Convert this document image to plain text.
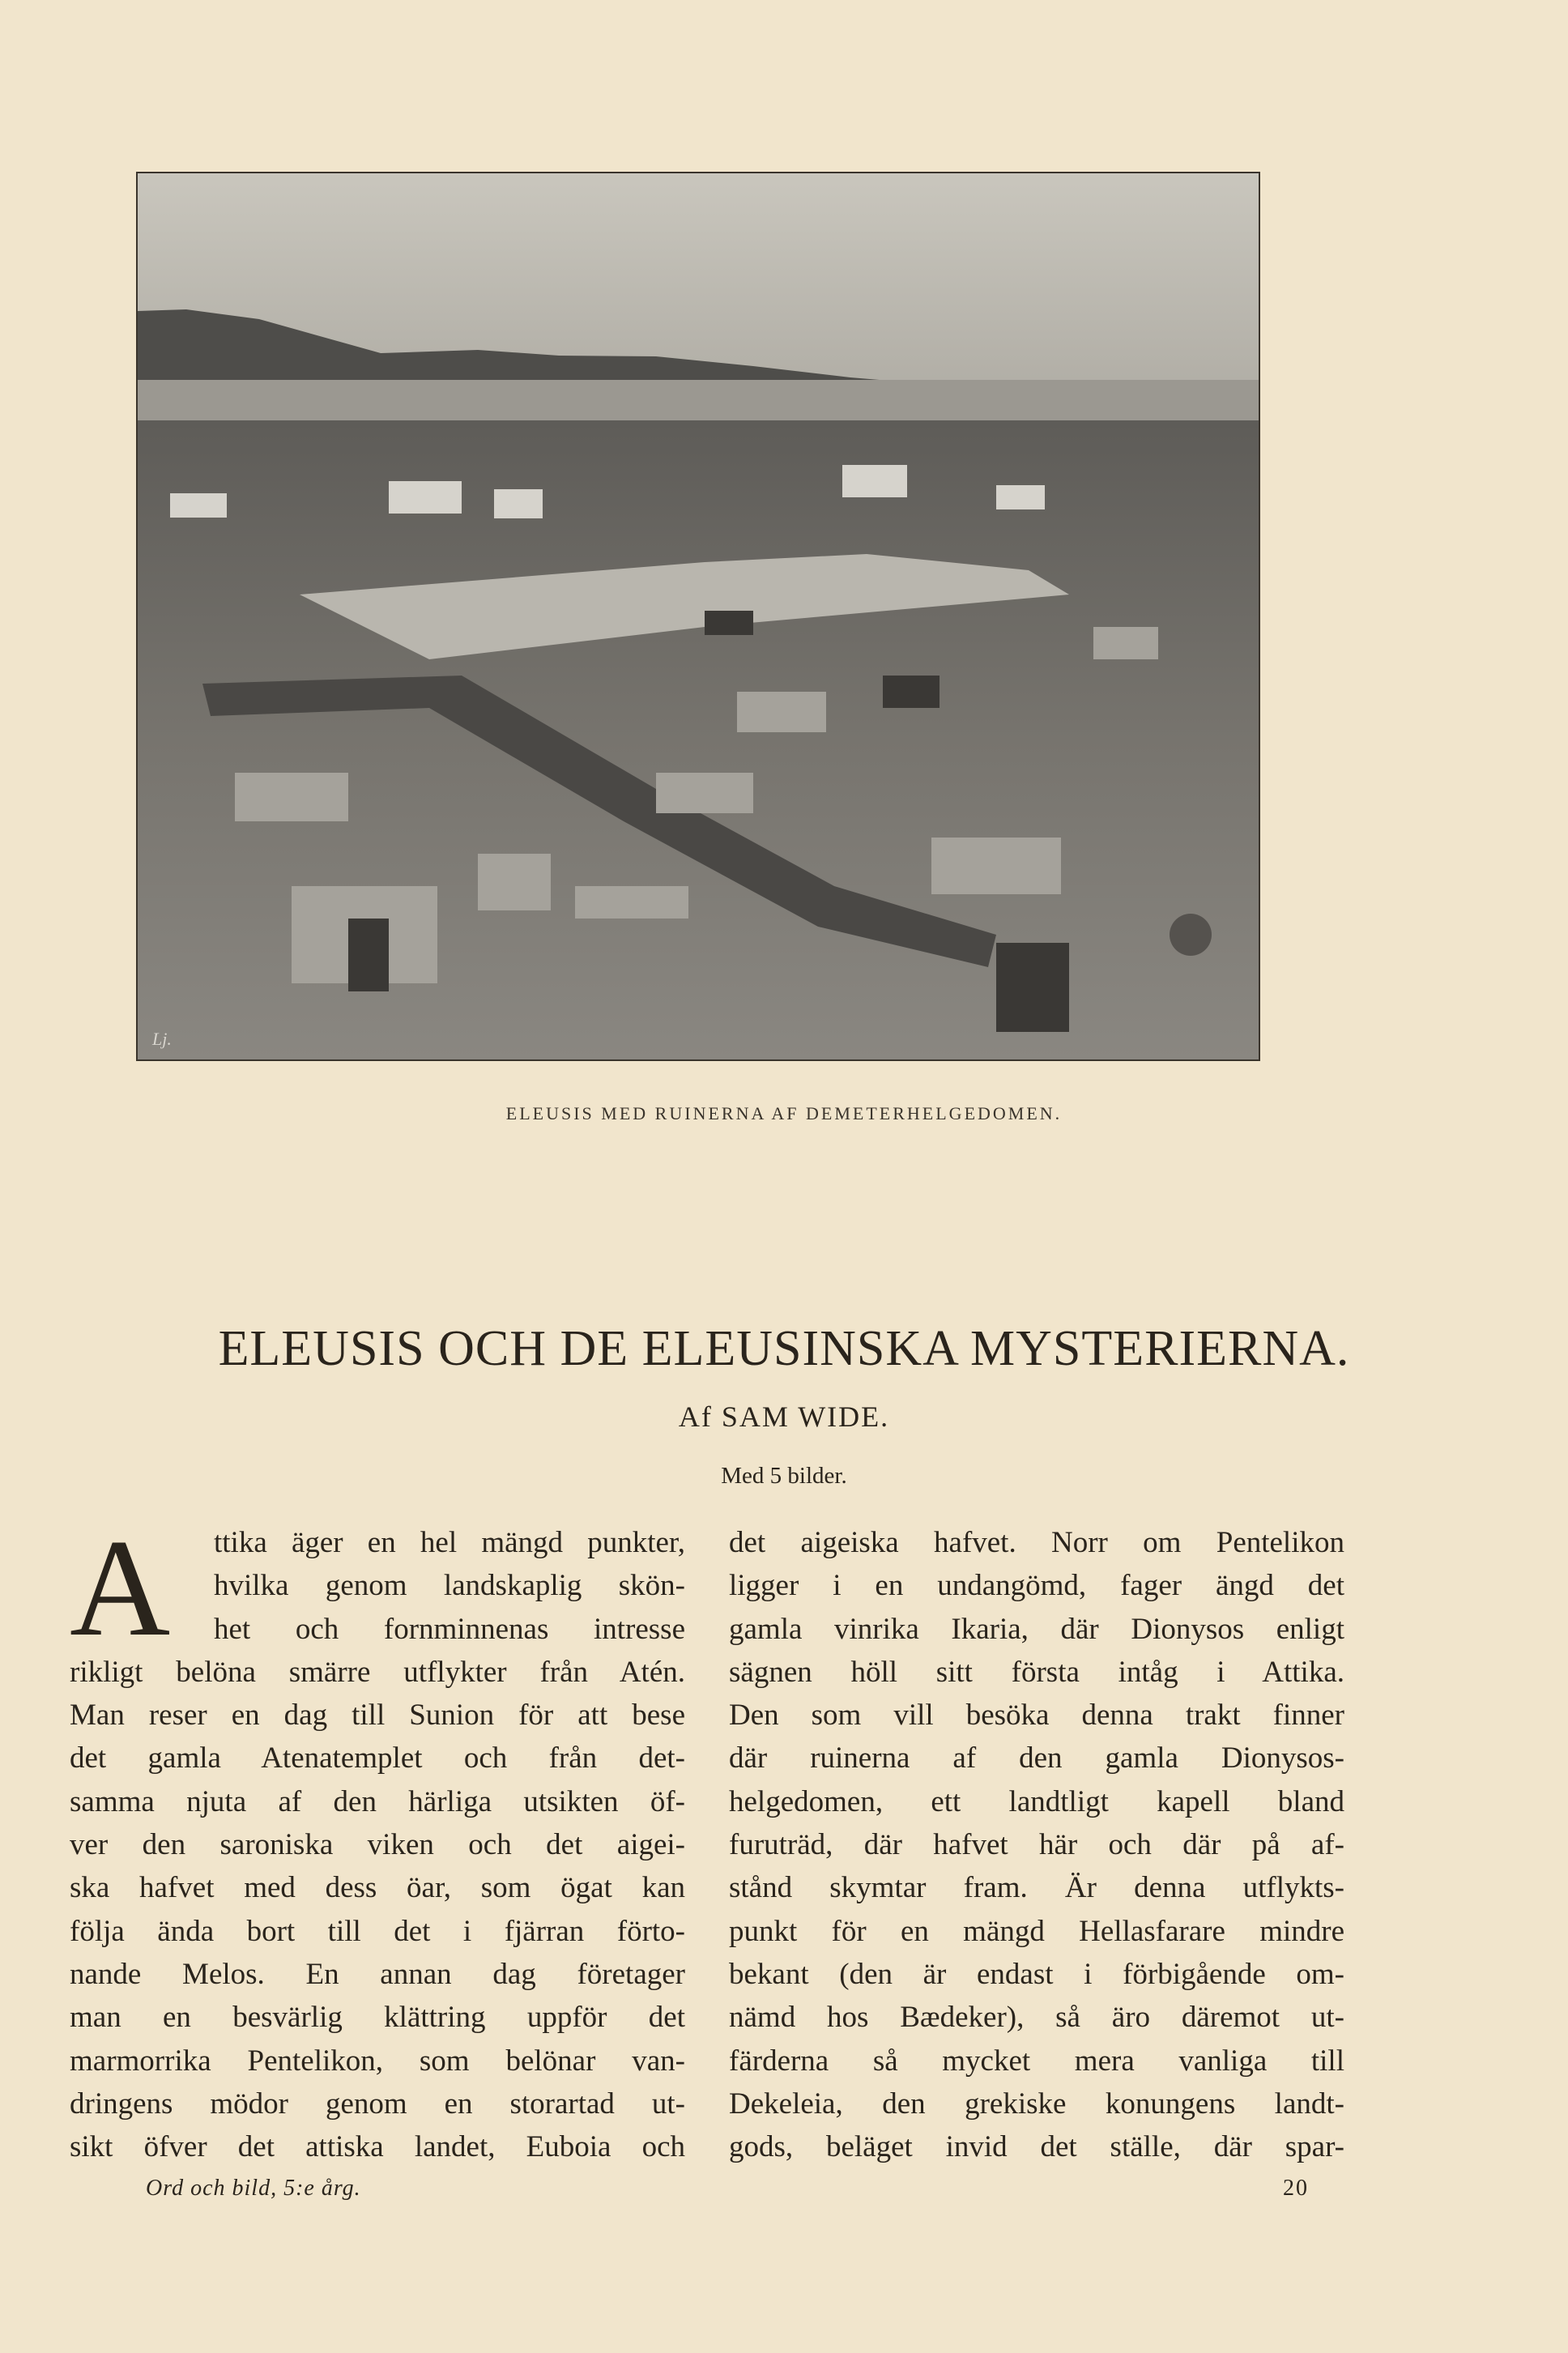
Lj.
ELEUSIS MED RUINERNA AF DEMETERHELGEDOMEN.
ELEUSIS OCH DE ELEUSINSKA MYSTERIERNA.
Af SAM WIDE.
Med 5 bilder.
A	ttika äger en hel mängd punkter,
hvilka genom landskaplig skön-
het och fornminnenas intresse
rikligt belöna smärre utflykter från Atén.
Man reser en dag till Sunion för att bese
det gamla Atenatemplet och från det-
samma njuta af den härliga utsikten öf-
ver den saroniska viken och det aigei-
ska hafvet med dess öar, som ögat kan
följa ända bort till det i fjärran förto-
nande Melos. En annan dag företager
man en besvärlig klättring uppför det
marmorrika Pentelikon, som belönar van-
dringens mödor genom en storartad ut-
sikt öfver det attiska landet, Euboia och
det aigeiska hafvet. Norr om Pentelikon
ligger i en undangömd, fager ängd det
gamla vinrika Ikaria, där Dionysos enligt
sägnen höll sitt första intåg i Attika.
Den som vill besöka denna trakt finner
där ruinerna af den gamla Dionysos-
helgedomen, ett landtligt kapell bland
furuträd, där hafvet här och där på af-
stånd skymtar fram. Är denna utflykts-
punkt för en mängd Hellasfarare mindre
bekant (den är endast i förbigående om-
nämd hos Bædeker), så äro däremot ut-
färderna så mycket mera vanliga till
Dekeleia, den grekiske konungens landt-
gods, beläget invid det ställe, där spar-
Ord och bild, 5:e årg.	20
